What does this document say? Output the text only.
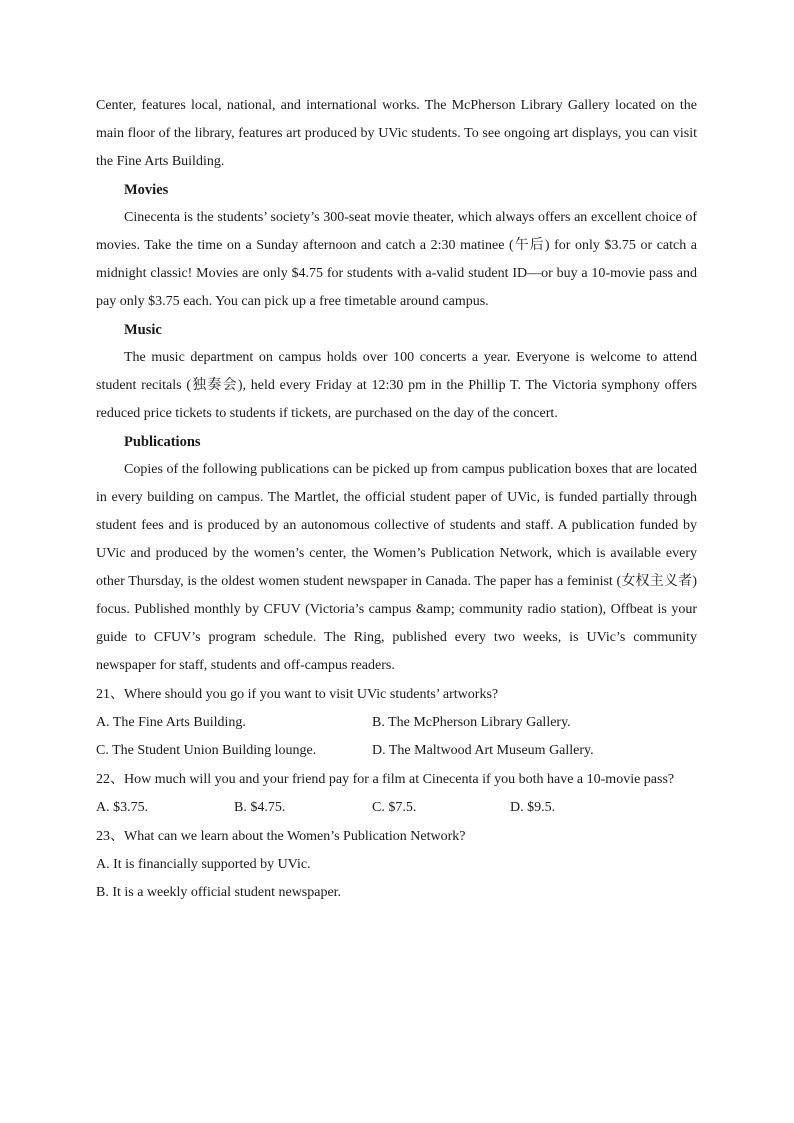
Center, features local, national, and international works. The McPherson Library Gallery located on the main floor of the library, features art produced by UVic students. To see ongoing art displays, you can visit the Fine Arts Building.

Movies

Cinecenta is the students’ society’s 300-seat movie theater, which always offers an excellent choice of movies. Take the time on a Sunday afternoon and catch a 2:30 matinee (午后) for only $3.75 or catch a midnight classic! Movies are only $4.75 for students with a-valid student ID—or buy a 10-movie pass and pay only $3.75 each. You can pick up a free timetable around campus.

Music

The music department on campus holds over 100 concerts a year. Everyone is welcome to attend student recitals (独奏会), held every Friday at 12:30 pm in the Phillip T. The Victoria symphony offers reduced price tickets to students if tickets, are purchased on the day of the concert.

Publications

Copies of the following publications can be picked up from campus publication boxes that are located in every building on campus. The Martlet, the official student paper of UVic, is funded partially through student fees and is produced by an autonomous collective of students and staff. A publication funded by UVic and produced by the women’s center, the Women’s Publication Network, which is available every other Thursday, is the oldest women student newspaper in Canada. The paper has a feminist (女权主义者) focus. Published monthly by CFUV (Victoria’s campus &amp; community radio station), Offbeat is your guide to CFUV’s program schedule. The Ring, published every two weeks, is UVic’s community newspaper for staff, students and off-campus readers.

21、Where should you go if you want to visit UVic students’ artworks?

A. The Fine Arts Building.	B. The McPherson Library Gallery.
C. The Student Union Building lounge.	D. The Maltwood Art Museum Gallery.

22、How much will you and your friend pay for a film at Cinecenta if you both have a 10-movie pass?

A. $3.75.	B. $4.75.	C. $7.5.	D. $9.5.

23、What can we learn about the Women’s Publication Network?

A. It is financially supported by UVic.
B. It is a weekly official student newspaper.
